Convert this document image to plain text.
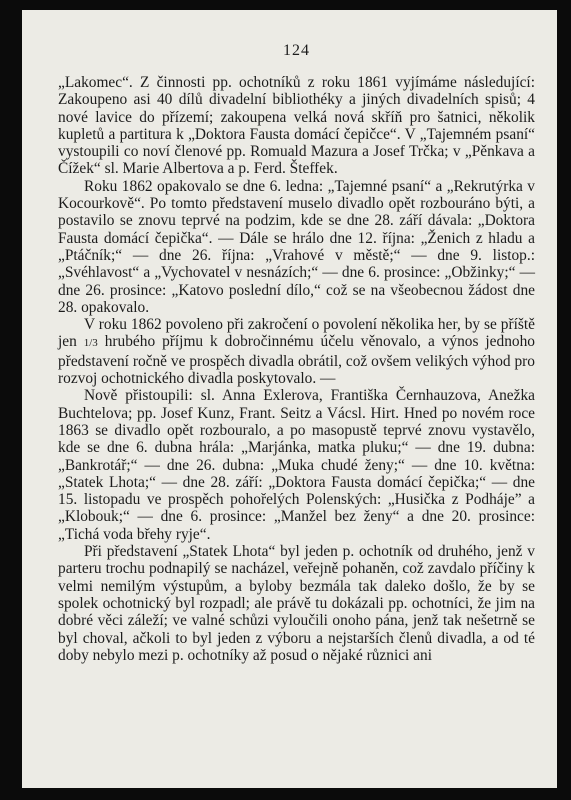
124

„Lakomec“. Z činnosti pp. ochotníků z roku 1861 vyjímáme následující: Zakoupeno asi 40 dílů divadelní bibliothéky a jiných divadelních spisů; 4 nové lavice do přízemí; zakoupena velká nová skříň pro šatnici, několik kupletů a partitura k „Doktora Fausta domácí čepičce“. V „Tajemném psaní“ vystoupili co noví členové pp. Romuald Mazura a Josef Trčka; v „Pěnkava a Čížek“ sl. Marie Albertova a p. Ferd. Šteffek.

Roku 1862 opakovalo se dne 6. ledna: „Tajemné psaní“ a „Rekrutýrka v Kocourkově“. Po tomto představení muselo divadlo opět rozbouráno býti, a postavilo se znovu teprvé na podzim, kde se dne 28. září dávala: „Doktora Fausta domácí čepička“. — Dále se hrálo dne 12. října: „Ženich z hladu a „Ptáčník;“ — dne 26. října: „Vrahové v městě;“ — dne 9. listop.: „Svéhlavost“ a „Vychovatel v nesnázích;“ — dne 6. prosince: „Obžinky;“ — dne 26. prosince: „Katovo poslední dílo,“ což se na všeobecnou žádost dne 28. opakovalo.

V roku 1862 povoleno při zakročení o povolení několika her, by se příště jen 1/3 hrubého příjmu k dobročinnému účelu věnovalo, a výnos jednoho představení ročně ve prospěch divadla obrátil, což ovšem velikých výhod pro rozvoj ochotnického divadla poskytovalo. —

Nově přistoupili: sl. Anna Exlerova, Františka Černhauzova, Anežka Buchtelova; pp. Josef Kunz, Frant. Seitz a Vácsl. Hirt. Hned po novém roce 1863 se divadlo opět rozbouralo, a po masopustě teprvé znovu vystavělo, kde se dne 6. dubna hrála: „Marjánka, matka pluku;“ — dne 19. dubna: „Bankrotář;“ — dne 26. dubna: „Muka chudé ženy;“ — dne 10. května: „Statek Lhota;“ — dne 28. září: „Doktora Fausta domácí čepička;“ — dne 15. listopadu ve prospěch pohořelých Polenských: „Husička z Podhájeˮ a „Klobouk;“ — dne 6. prosince: „Manžel bez ženy“ a dne 20. prosince: „Tichá voda břehy ryje“.

Při představení „Statek Lhota“ byl jeden p. ochotník od druhého, jenž v parteru trochu podnapilý se nacházel, veřejně pohaněn, což zavdalo příčiny k velmi nemilým výstupům, a byloby bezmála tak daleko došlo, že by se spolek ochotnický byl rozpadl; ale právě tu dokázali pp. ochotníci, že jim na dobré věci záleží; ve valné schůzi vyloučili onoho pána, jenž tak nešetrně se byl choval, ačkoli to byl jeden z výboru a nejstarších členů divadla, a od té doby nebylo mezi p. ochotníky až posud o nějaké různici ani
